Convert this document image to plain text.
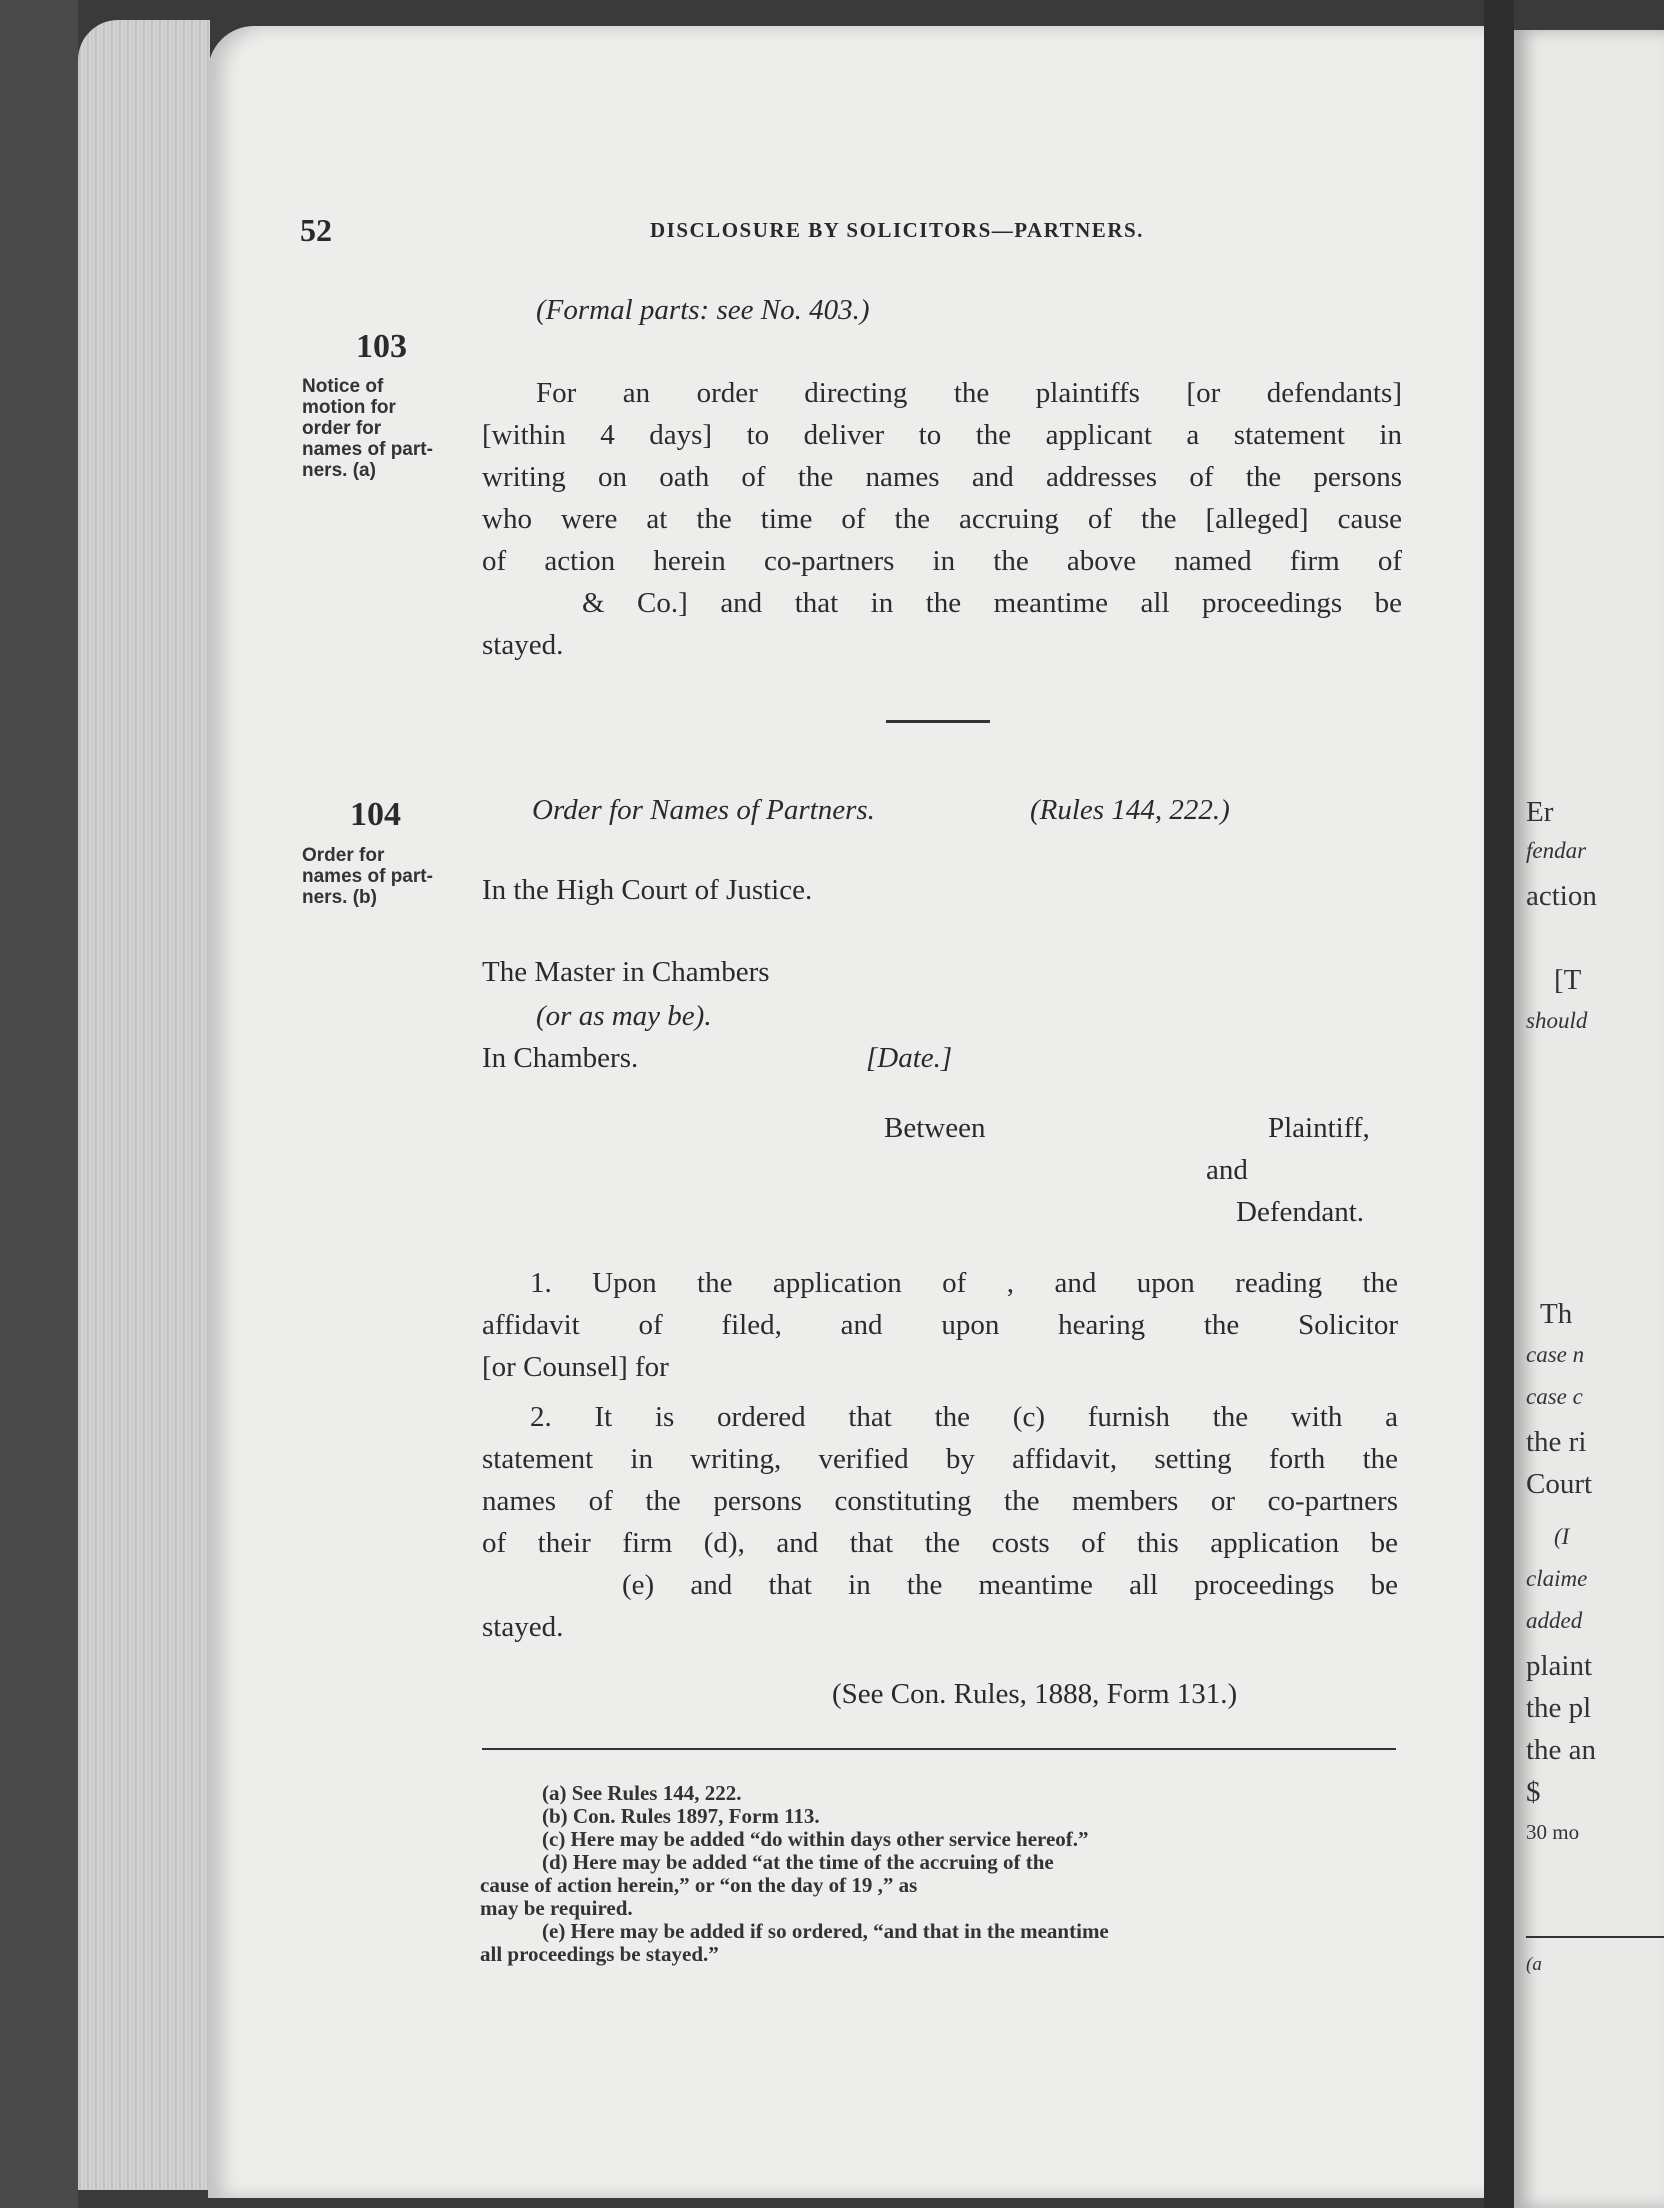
52	DISCLOSURE BY SOLICITORS—PARTNERS.
103
Notice of
motion for
order for
names of part-
ners. (a)
(Formal parts: see No. 403.)
For an order directing the plaintiffs [or defendants]
[within 4 days] to deliver to the applicant a statement in
writing on oath of the names and addresses of the persons
who were at the time of the accruing of the [alleged] cause
of action herein co-partners in the above named firm of
& Co.] and that in the meantime all proceedings be
stayed.
104
Order for
names of part-
ners. (b)
Order for Names of Partners.	(Rules 144, 222.)
In the High Court of Justice.
The Master in Chambers
(or as may be).
In Chambers.	[Date.]
Between	Plaintiff,
and
Defendant.
1. Upon the application of , and upon reading the
affidavit of filed, and upon hearing the Solicitor
[or Counsel] for
2. It is ordered that the (c) furnish the with a
statement in writing, verified by affidavit, setting forth the
names of the persons constituting the members or co-partners
of their firm (d), and that the costs of this application be
(e) and that in the meantime all proceedings be
stayed.
(See Con. Rules, 1888, Form 131.)
(a) See Rules 144, 222.
(b) Con. Rules 1897, Form 113.
(c) Here may be added “do within days other service hereof.”
(d) Here may be added “at the time of the accruing of the
cause of action herein,” or “on the day of 19 ,” as
may be required.
(e) Here may be added if so ordered, “and that in the meantime
all proceedings be stayed.”
Er
fendar
action
[T
should
Th
case n
case c
the ri
Court
(I
claime
added
plaint
the pl
the an
$
30 mo
(a
